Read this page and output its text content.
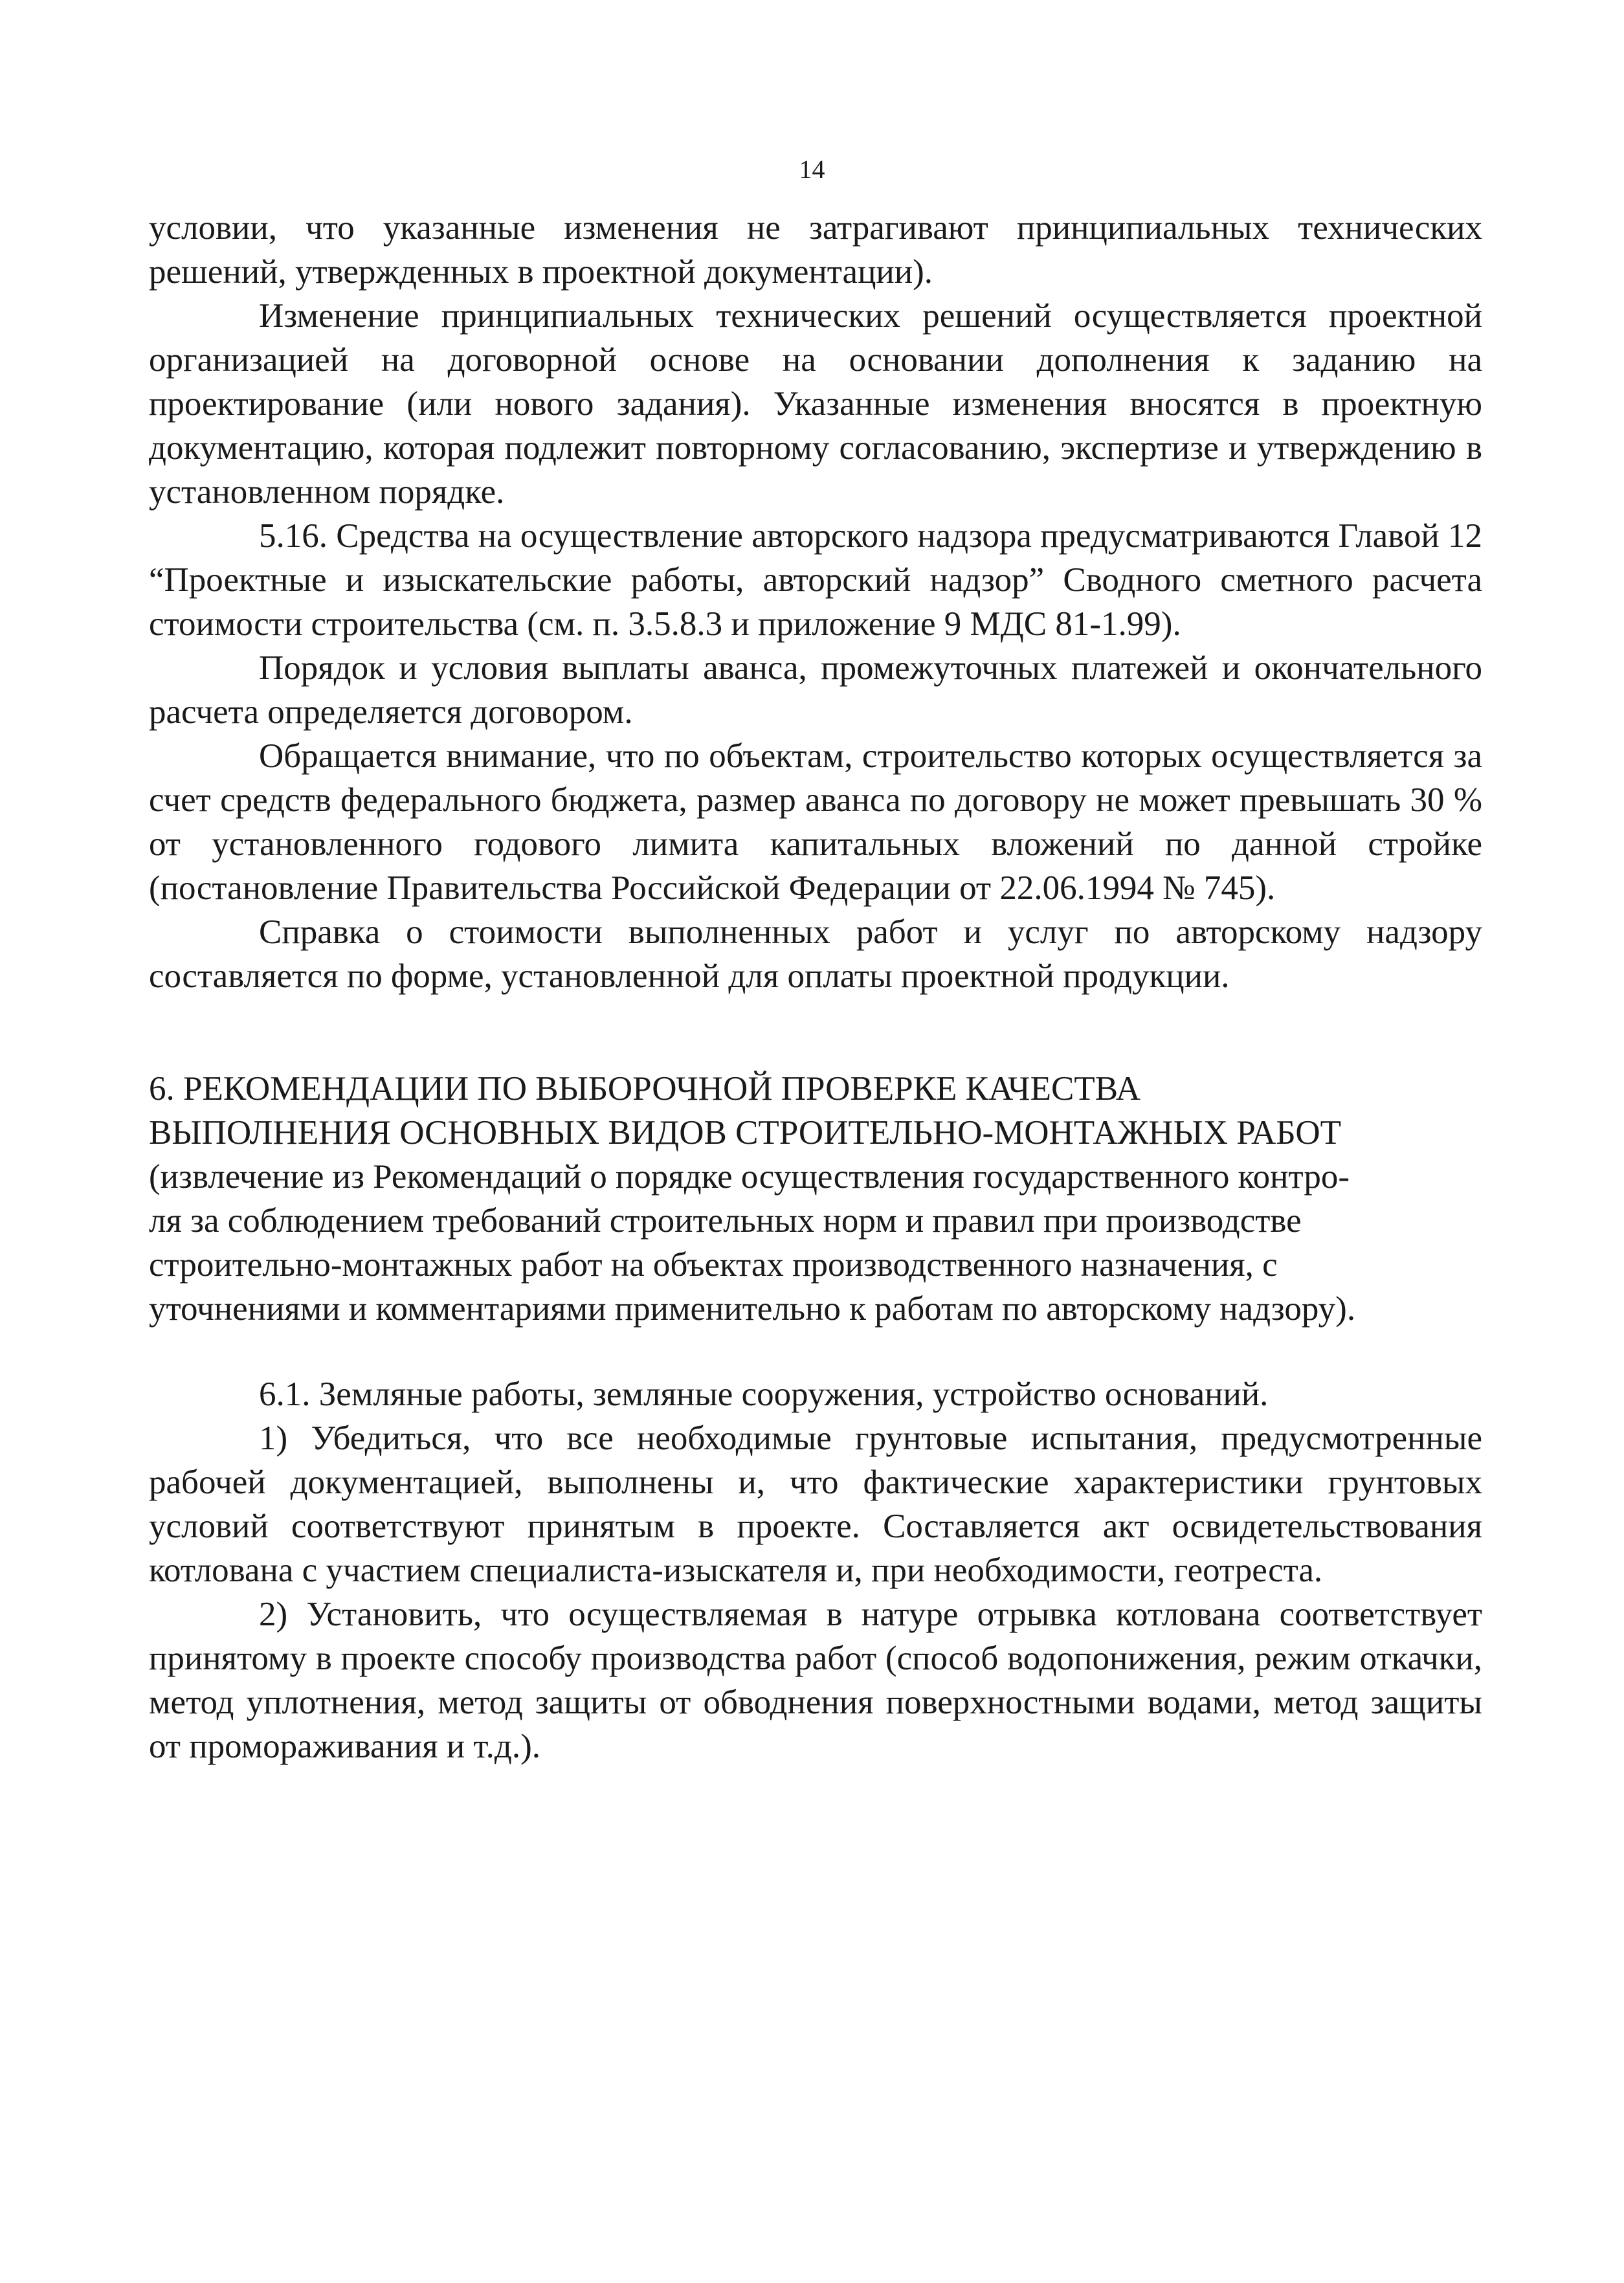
14

условии, что указанные изменения не затрагивают принципиальных технических решений, утвержденных в проектной документации).

Изменение принципиальных технических решений осуществляется проектной организацией на договорной основе на основании дополнения к заданию на проектирование (или нового задания). Указанные изменения вносятся в проектную документацию, которая подлежит повторному согласованию, экспертизе и утверждению в установленном порядке.

5.16. Средства на осуществление авторского надзора предусматриваются Главой 12 “Проектные и изыскательские работы, авторский надзор” Сводного сметного расчета стоимости строительства (см. п. 3.5.8.3 и приложение 9 МДС 81-1.99).

Порядок и условия выплаты аванса, промежуточных платежей и окончательного расчета определяется договором.

Обращается внимание, что по объектам, строительство которых осуществляется за счет средств федерального бюджета, размер аванса по договору не может превышать 30 % от установленного годового лимита капитальных вложений по данной стройке (постановление Правительства Российской Федерации от 22.06.1994 № 745).

Справка о стоимости выполненных работ и услуг по авторскому надзору составляется по форме, установленной для оплаты проектной продукции.

6. РЕКОМЕНДАЦИИ ПО ВЫБОРОЧНОЙ ПРОВЕРКЕ КАЧЕСТВА

ВЫПОЛНЕНИЯ ОСНОВНЫХ ВИДОВ СТРОИТЕЛЬНО-МОНТАЖНЫХ РАБОТ

(извлечение из Рекомендаций о порядке осуществления государственного контро-

ля за соблюдением требований строительных норм и правил при производстве

строительно-монтажных работ на объектах производственного назначения, с

уточнениями и комментариями применительно к работам по авторскому надзору).

6.1. Земляные работы, земляные сооружения, устройство оснований.

1) Убедиться, что все необходимые грунтовые испытания, предусмотренные рабочей документацией, выполнены и, что фактические характеристики грунтовых условий соответствуют принятым в проекте. Составляется акт освидетельствования котлована с участием специалиста-изыскателя и, при необходимости, геотреста.

2) Установить, что осуществляемая в натуре отрывка котлована соответствует принятому в проекте способу производства работ (способ водопонижения, режим откачки, метод уплотнения, метод защиты от обводнения поверхностными водами, метод защиты от промораживания и т.д.).
